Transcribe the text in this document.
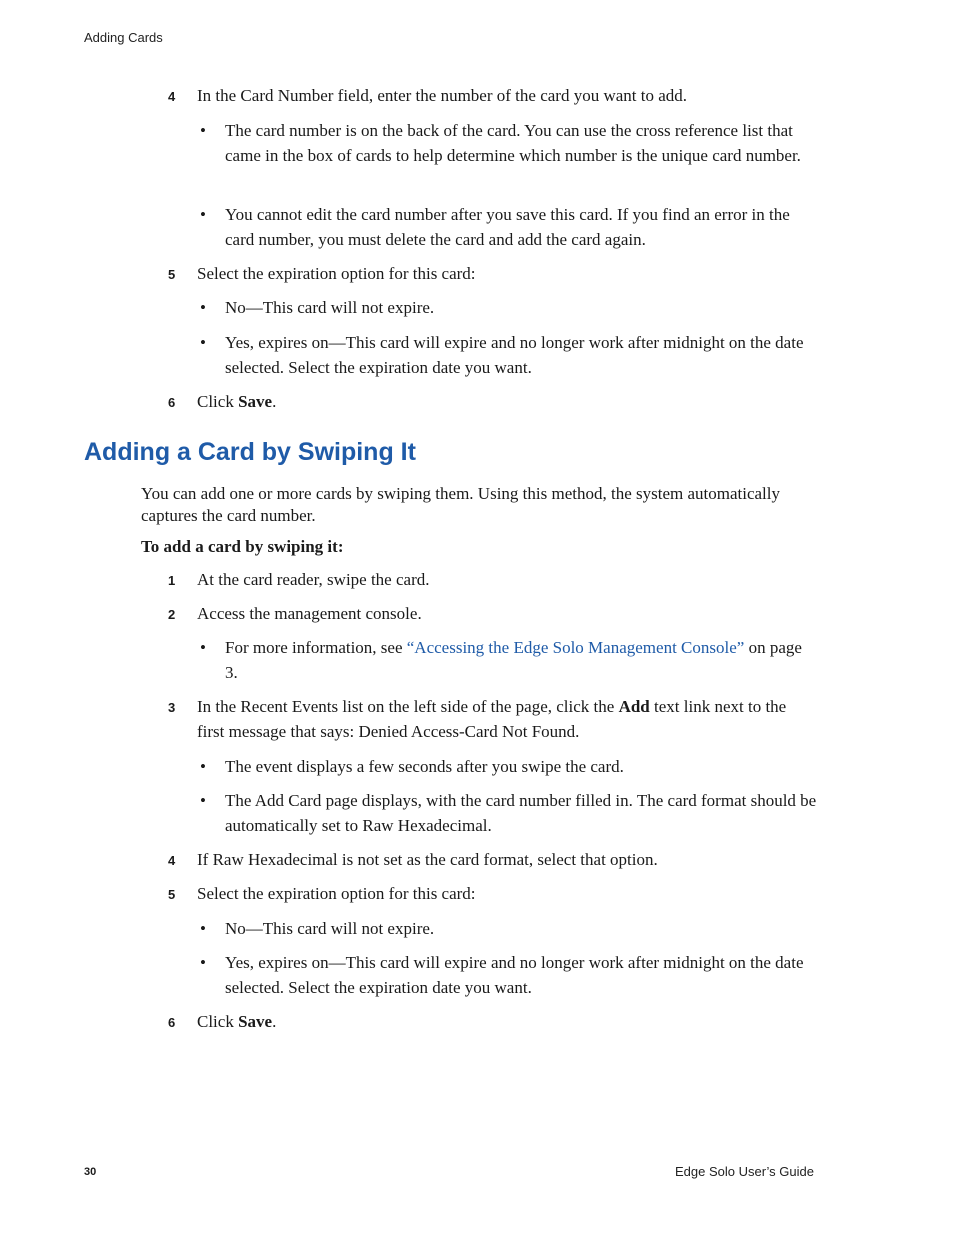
Adding Cards
4	In the Card Number field, enter the number of the card you want to add.
• The card number is on the back of the card. You can use the cross reference list that came in the box of cards to help determine which number is the unique card number.
• You cannot edit the card number after you save this card. If you find an error in the card number, you must delete the card and add the card again.
5	Select the expiration option for this card:
• No—This card will not expire.
• Yes, expires on—This card will expire and no longer work after midnight on the date selected. Select the expiration date you want.
6	Click Save.
Adding a Card by Swiping It
You can add one or more cards by swiping them. Using this method, the system automatically captures the card number.
To add a card by swiping it:
1	At the card reader, swipe the card.
2	Access the management console.
• For more information, see “Accessing the Edge Solo Management Console” on page 3.
3	In the Recent Events list on the left side of the page, click the Add text link next to the first message that says: Denied Access-Card Not Found.
• The event displays a few seconds after you swipe the card.
• The Add Card page displays, with the card number filled in. The card format should be automatically set to Raw Hexadecimal.
4	If Raw Hexadecimal is not set as the card format, select that option.
5	Select the expiration option for this card:
• No—This card will not expire.
• Yes, expires on—This card will expire and no longer work after midnight on the date selected. Select the expiration date you want.
6	Click Save.
30	Edge Solo User’s Guide
